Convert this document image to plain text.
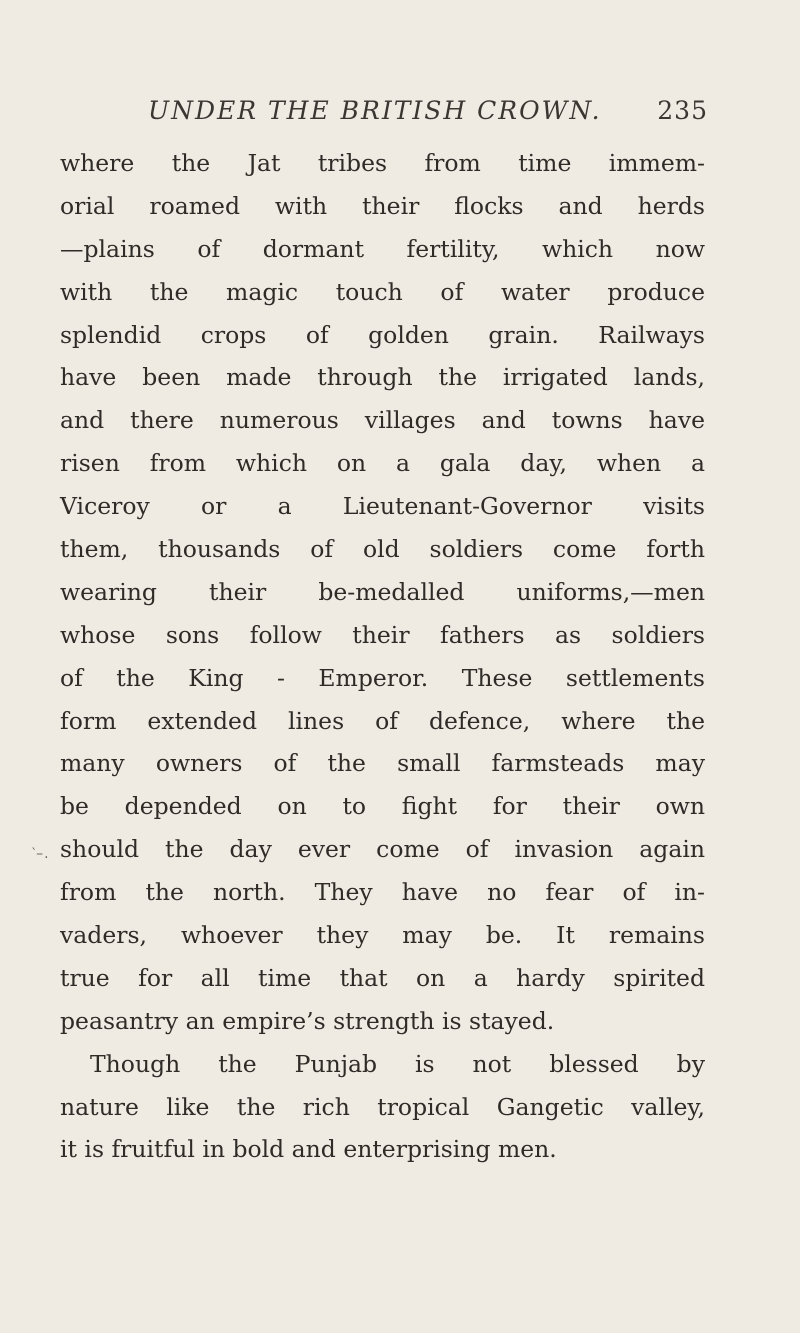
UNDER THE BRITISH CROWN. 235
‵–.
where the Jat tribes from time immem-
orial roamed with their flocks and herds
—plains of dormant fertility, which now
with the magic touch of water produce
splendid crops of golden grain. Railways
have been made through the irrigated lands,
and there numerous villages and towns have
risen from which on a gala day, when a
Viceroy or a Lieutenant-Governor visits
them, thousands of old soldiers come forth
wearing their be-medalled uniforms,—men
whose sons follow their fathers as soldiers
of the King - Emperor. These settlements
form extended lines of defence, where the
many owners of the small farmsteads may
be depended on to fight for their own
should the day ever come of invasion again
from the north. They have no fear of in-
vaders, whoever they may be. It remains
true for all time that on a hardy spirited
peasantry an empire’s strength is stayed.
Though the Punjab is not blessed by
nature like the rich tropical Gangetic valley,
it is fruitful in bold and enterprising men.
